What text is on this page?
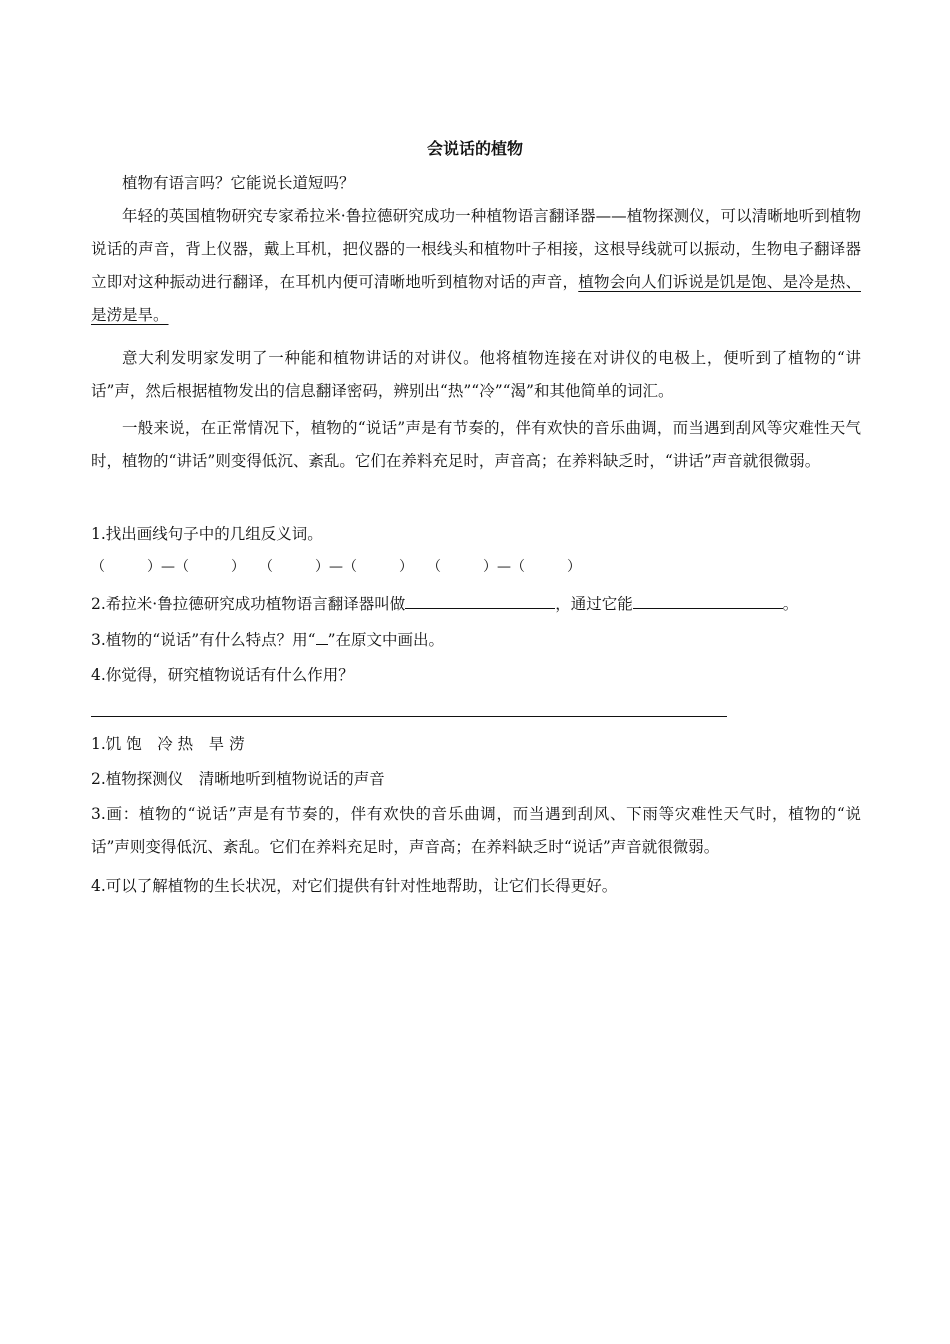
会说话的植物
植物有语言吗？它能说长道短吗？
年轻的英国植物研究专家希拉米·鲁拉德研究成功一种植物语言翻译器——植物探测仪，可以清晰地听到植物说话的声音，背上仪器，戴上耳机，把仪器的一根线头和植物叶子相接，这根导线就可以振动，生物电子翻译器立即对这种振动进行翻译，在耳机内便可清晰地听到植物对话的声音，植物会向人们诉说是饥是饱、是冷是热、是涝是旱。
意大利发明家发明了一种能和植物讲话的对讲仪。他将植物连接在对讲仪的电极上，便听到了植物的“讲话”声，然后根据植物发出的信息翻译密码，辨别出“热”“冷”“渴”和其他简单的词汇。
一般来说，在正常情况下，植物的“说话”声是有节奏的，伴有欢快的音乐曲调，而当遇到刮风等灾难性天气时，植物的“讲话”则变得低沉、紊乱。它们在养料充足时，声音高；在养料缺乏时，“讲话”声音就很微弱。
1.找出画线句子中的几组反义词。
（　　　）—（　　　）　　（　　　）—（　　　）　　（　　　）—（　　　）
2.希拉米·鲁拉德研究成功植物语言翻译器叫做	，通过它能	。
3.植物的“说话”有什么特点？用“ ”在原文中画出。
4.你觉得，研究植物说话有什么作用？
1.饥 饱　冷 热　旱 涝
2.植物探测仪　清晰地听到植物说话的声音
3.画：植物的“说话”声是有节奏的，伴有欢快的音乐曲调，而当遇到刮风、下雨等灾难性天气时，植物的“说话”声则变得低沉、紊乱。它们在养料充足时，声音高；在养料缺乏时“说话”声音就很微弱。
4.可以了解植物的生长状况，对它们提供有针对性地帮助，让它们长得更好。
